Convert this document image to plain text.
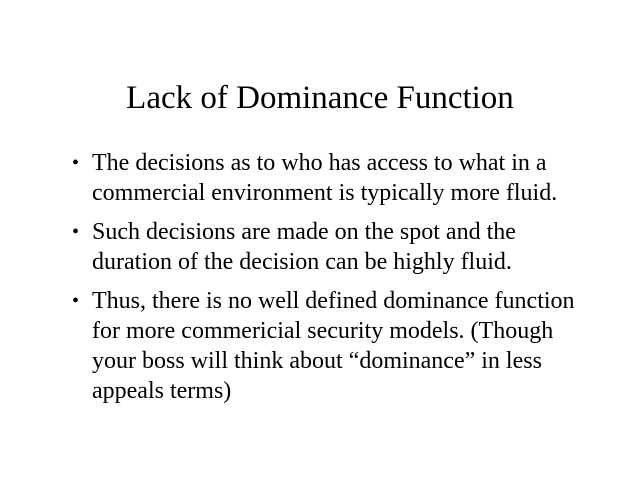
Lack of Dominance Function
• The decisions as to who has access to what in a commercial environment is typically more fluid.
• Such decisions are made on the spot and the duration of the decision can be highly fluid.
• Thus, there is no well defined dominance function for more commericial security models. (Though your boss will think about “dominance” in less appeals terms)
